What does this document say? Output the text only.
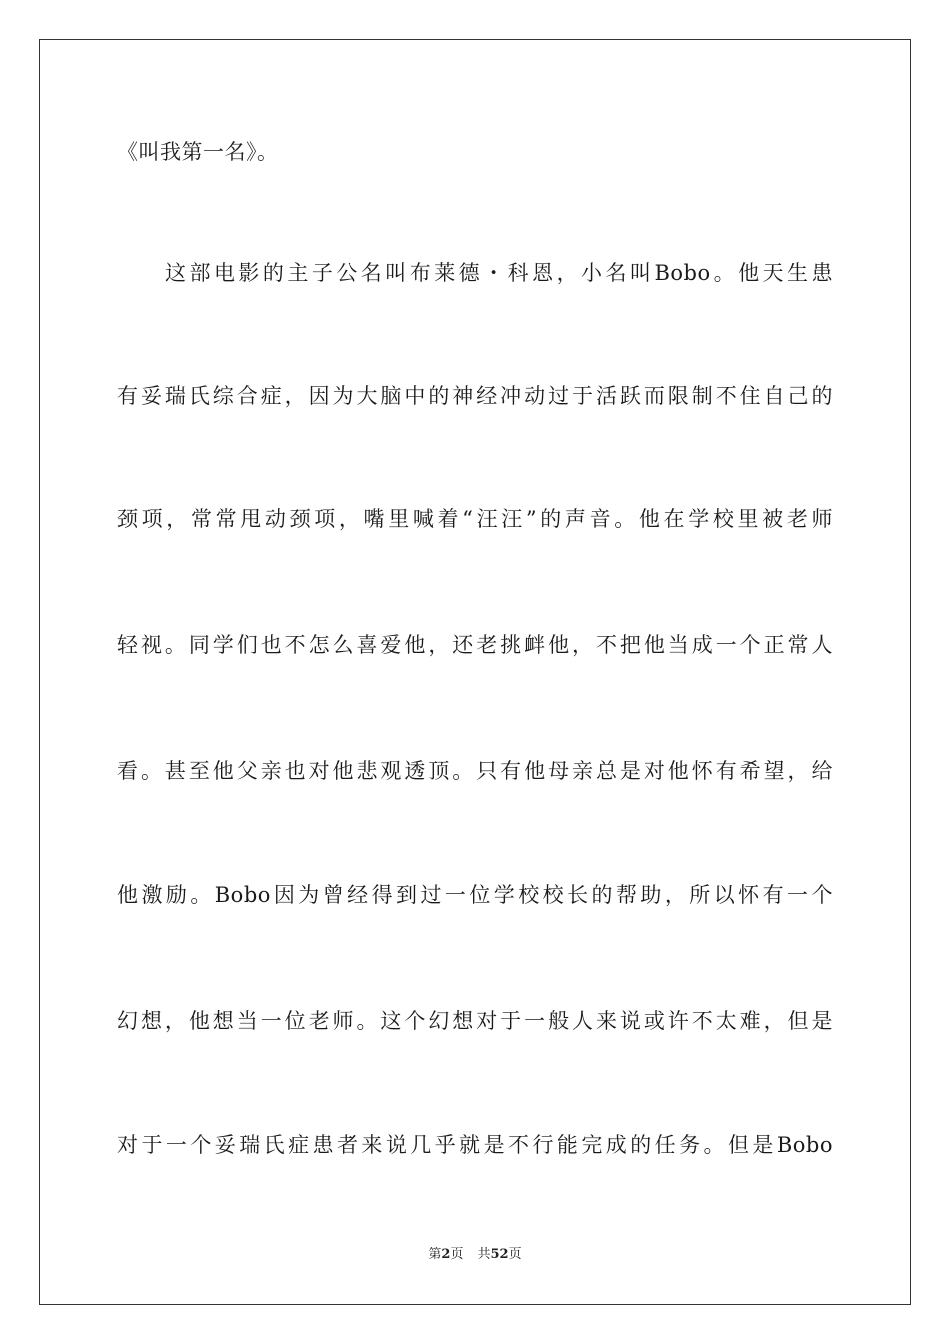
《叫我第一名》。
这部电影的主子公名叫布莱德・科恩，小名叫Bobo。他天生患
有妥瑞氏综合症，因为大脑中的神经冲动过于活跃而限制不住自己的
颈项，常常甩动颈项，嘴里喊着“汪汪”的声音。他在学校里被老师
轻视。同学们也不怎么喜爱他，还老挑衅他，不把他当成一个正常人
看。甚至他父亲也对他悲观透顶。只有他母亲总是对他怀有希望，给
他激励。Bobo因为曾经得到过一位学校校长的帮助，所以怀有一个
幻想，他想当一位老师。这个幻想对于一般人来说或许不太难，但是
对于一个妥瑞氏症患者来说几乎就是不行能完成的任务。但是Bobo
第2页 共52页
